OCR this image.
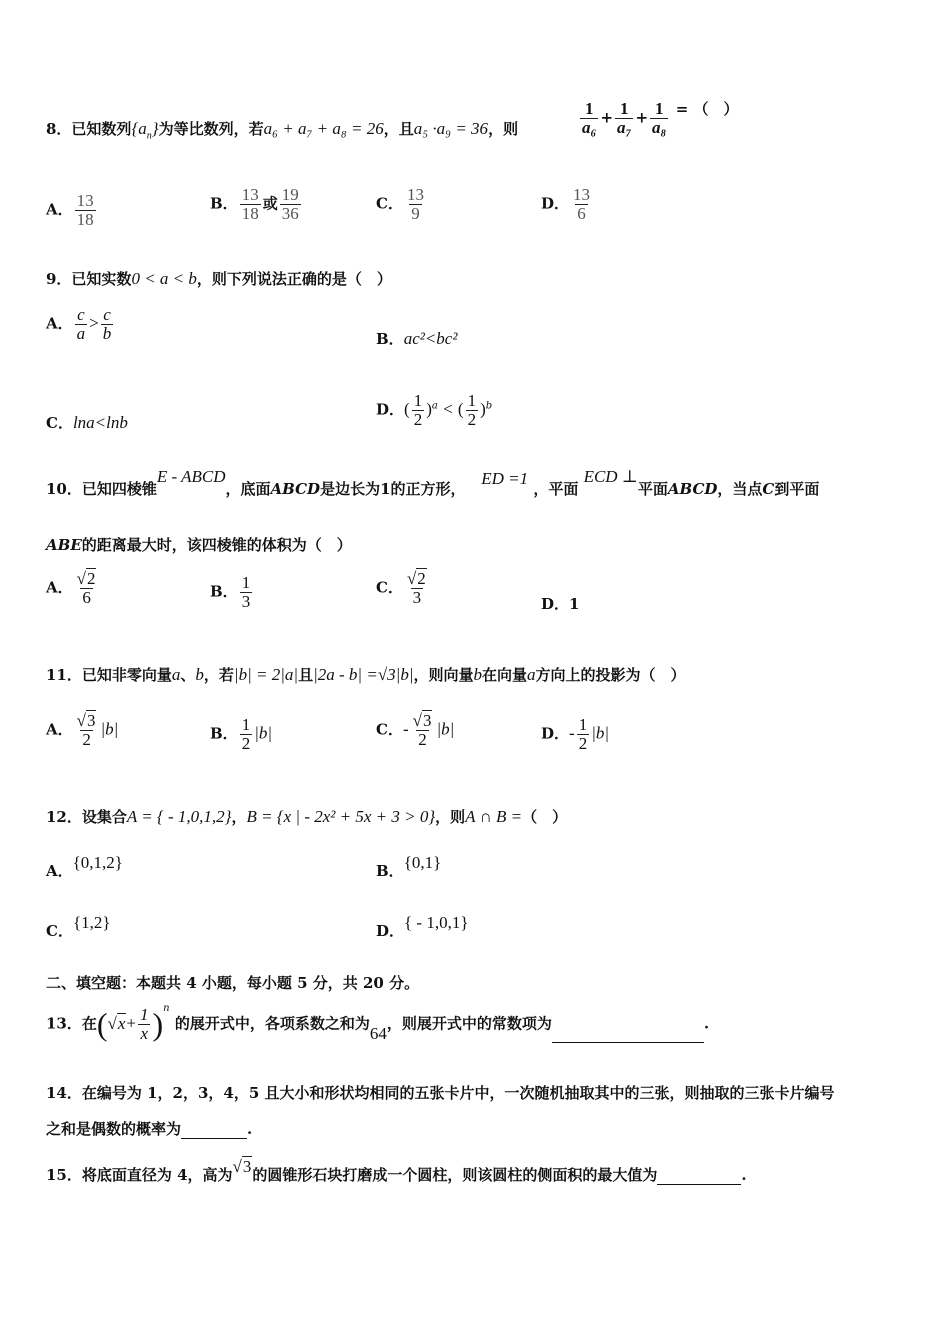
8．已知数列$\{a_n\}$为等比数列，若a₆ + a₇ + a₈ = 26，且a₅ ·a₉ = 36，则	$\frac{1}{\text{a₆}} + \frac{1}{\text{a₇}} + \frac{1}{\text{a₈}}$ = （　）
A． $\frac{13}{18}$	B． $\frac{13}{18}$ 或 $\frac{19}{36}$	C． $\frac{13}{9}$	D． $\frac{13}{6}$
9．已知实数0 < a < b，则下列说法正确的是（　）
A． $\frac{c}{a} > \frac{c}{b}$	B．ac²<bc²
C．lna<lnb
D．( $\frac{1}{2} )^a$ < ( $\frac{1}{2} )^b$
10．已知四棱锥E - ABCD，底面ABCD是边长为1的正方形，   ED =1 ，平面 ECD ⊥平面ABCD，当点C到平面
ABE的距离最大时，该四棱锥的体积为（　）
A． $\frac{√2}{6}$	B． $\frac{1}{3}$	C． $\frac{√2}{3}$	D．1
11．已知非零向量a、b，若|b| = 2|a|且|2a - b| =√3|b|，则向量b在向量a方向上的投影为（　）
A． $\frac{√3}{2} |b|$	B． $\frac{1}{2} |b|$	C．- $\frac{√3}{2} |b|$	D．- $\frac{1}{2} |b|$
12．设集合A = { - 1,0,1,2}，B = {x | - 2x² + 5x + 3 > 0}，则A ∩ B =（　）
A．{0,1,2}	B．{0,1}
C．{1,2}	D．{ - 1,0,1}
二、填空题：本题共 4 小题，每小题 5 分，共 20 分。
13．在$(√x+ \frac{1}{x} )^n$ 的展开式中，各项系数之和为64，则展开式中的常数项为	.
14．在编号为 1，2，3，4，5 且大小和形状均相同的五张卡片中，一次随机抽取其中的三张，则抽取的三张卡片编号
之和是偶数的概率为	.
15．将底面直径为 4，高为√3的圆锥形石块打磨成一个圆柱，则该圆柱的侧面积的最大值为	.
